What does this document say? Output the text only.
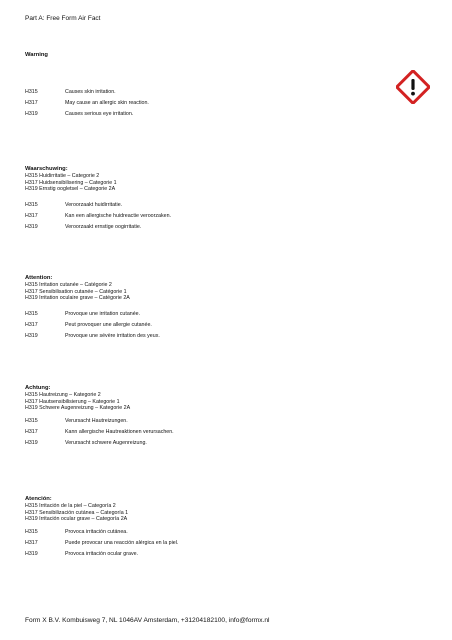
Part A: Free Form Air Fact
Warning
H315	Causes skin irritation.
H317	May cause an allergic skin reaction.
H319	Causes serious eye irritation.
Waarschuwing:
H315 Huidirritatie – Categorie 2
H317 Huidsensibilisering – Categorie 1
H319 Ernstig oogletsel – Categorie 2A
H315	Veroorzaakt huidirritatie.
H317	Kan een allergische huidreactie veroorzaken.
H319	Veroorzaakt ernstige oogirritatie.
Attention:
H315 Irritation cutanée – Catégorie 2
H317 Sensibilisation cutanée – Catégorie 1
H319 Irritation oculaire grave – Catégorie 2A
H315	Provoque une irritation cutanée.
H317	Peut provoquer une allergie cutanée.
H319	Provoque une sévère irritation des yeux.
Achtung:
H315 Hautreizung – Kategorie 2
H317 Hautsensibilisierung – Kategorie 1
H319 Schwere Augenreizung – Kategorie 2A
H315	Verursacht Hautreizungen.
H317	Kann allergische Hautreaktionen verursachen.
H319	Verursacht schwere Augenreizung.
Atención:
H315 Irritación de la piel – Categoría 2
H317 Sensibilización cutánea – Categoría 1
H319 Irritación ocular grave – Categoría 2A
H315	Provoca irritación cutánea.
H317	Puede provocar una reacción alérgica en la piel.
H319	Provoca irritación ocular grave.
Form X B.V. Kombuisweg 7, NL 1046AV Amsterdam, +31204182100, info@formx.nl
